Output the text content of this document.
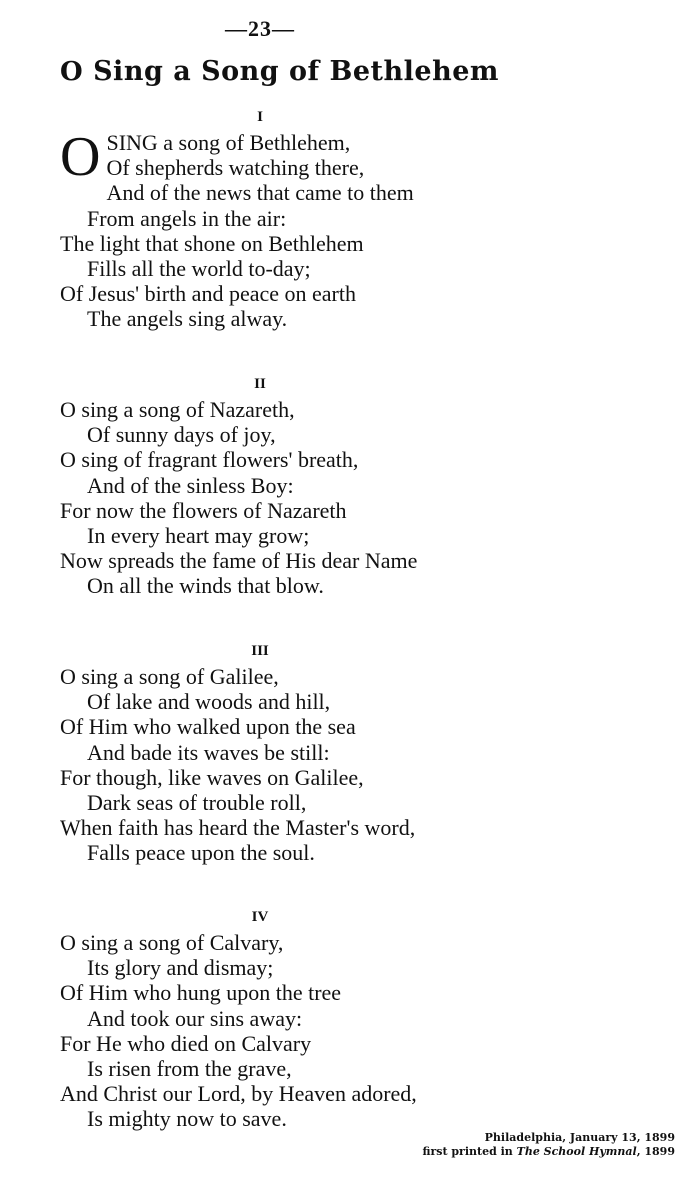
—23—
O Sing a Song of Bethlehem
I
O SING a song of Bethlehem,
Of shepherds watching there,
And of the news that came to them
From angels in the air:
The light that shone on Bethlehem
Fills all the world to-day;
Of Jesus' birth and peace on earth
The angels sing alway.
II
O sing a song of Nazareth,
Of sunny days of joy,
O sing of fragrant flowers' breath,
And of the sinless Boy:
For now the flowers of Nazareth
In every heart may grow;
Now spreads the fame of His dear Name
On all the winds that blow.
III
O sing a song of Galilee,
Of lake and woods and hill,
Of Him who walked upon the sea
And bade its waves be still:
For though, like waves on Galilee,
Dark seas of trouble roll,
When faith has heard the Master's word,
Falls peace upon the soul.
IV
O sing a song of Calvary,
Its glory and dismay;
Of Him who hung upon the tree
And took our sins away:
For He who died on Calvary
Is risen from the grave,
And Christ our Lord, by Heaven adored,
Is mighty now to save.
Philadelphia, January 13, 1899
first printed in The School Hymnal, 1899
